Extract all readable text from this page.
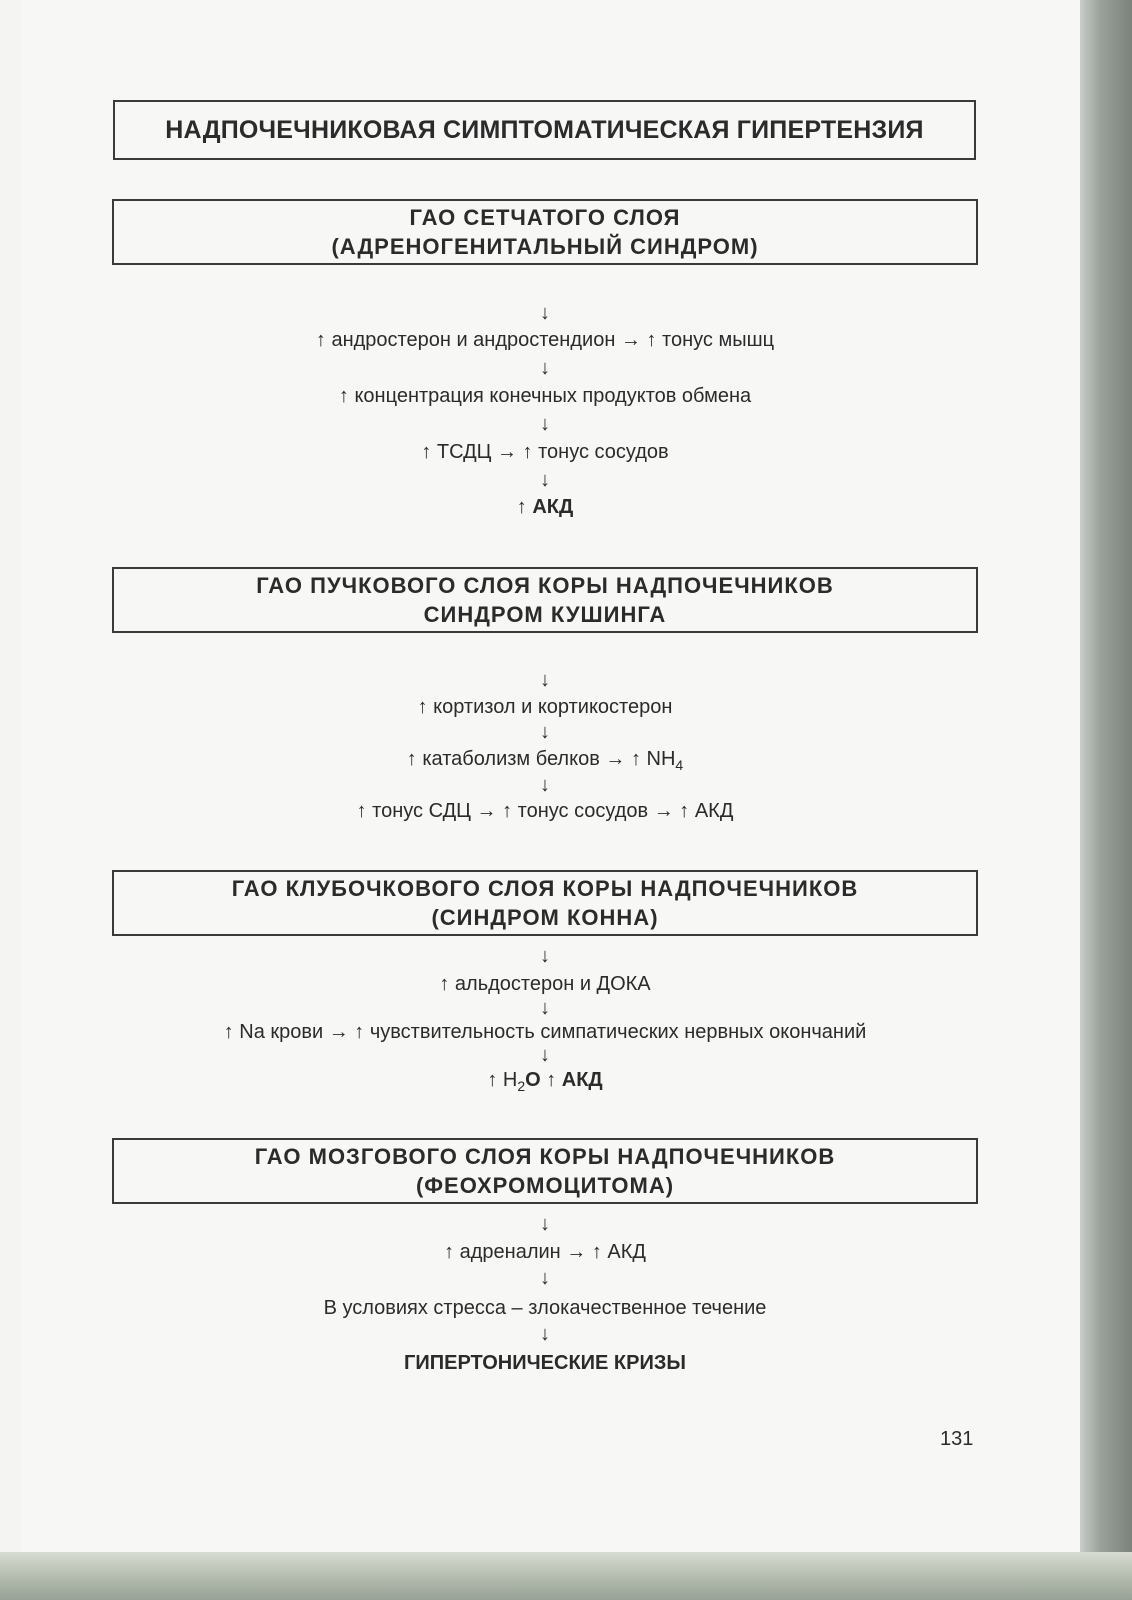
НАДПОЧЕЧНИКОВАЯ СИМПТОМАТИЧЕСКАЯ ГИПЕРТЕНЗИЯ
ГАО СЕТЧАТОГО СЛОЯ
(АДРЕНОГЕНИТАЛЬНЫЙ СИНДРОМ)
↓
↑ андростерон и андростендион → ↑ тонус мышц
↓
↑ концентрация конечных продуктов обмена
↓
↑ ТСДЦ → ↑ тонус сосудов
↓
↑ АКД
ГАО ПУЧКОВОГО СЛОЯ КОРЫ НАДПОЧЕЧНИКОВ
СИНДРОМ КУШИНГА
↓
↑ кортизол и кортикостерон
↓
↑ катаболизм белков → ↑ $NH_4$
↓
↑ тонус СДЦ → ↑ тонус сосудов → ↑ АКД
ГАО КЛУБОЧКОВОГО СЛОЯ КОРЫ НАДПОЧЕЧНИКОВ
(СИНДРОМ КОННА)
↓
↑ альдостерон и ДОКА
↓
↑ Na крови → ↑ чувствительность симпатических нервных окончаний
↓
↑ $H_2O$ ↑ АКД
ГАО МОЗГОВОГО СЛОЯ КОРЫ НАДПОЧЕЧНИКОВ
(ФЕОХРОМОЦИТОМА)
↓
↑ адреналин → ↑ АКД
↓
В условиях стресса – злокачественное течение
↓
ГИПЕРТОНИЧЕСКИЕ КРИЗЫ
131
